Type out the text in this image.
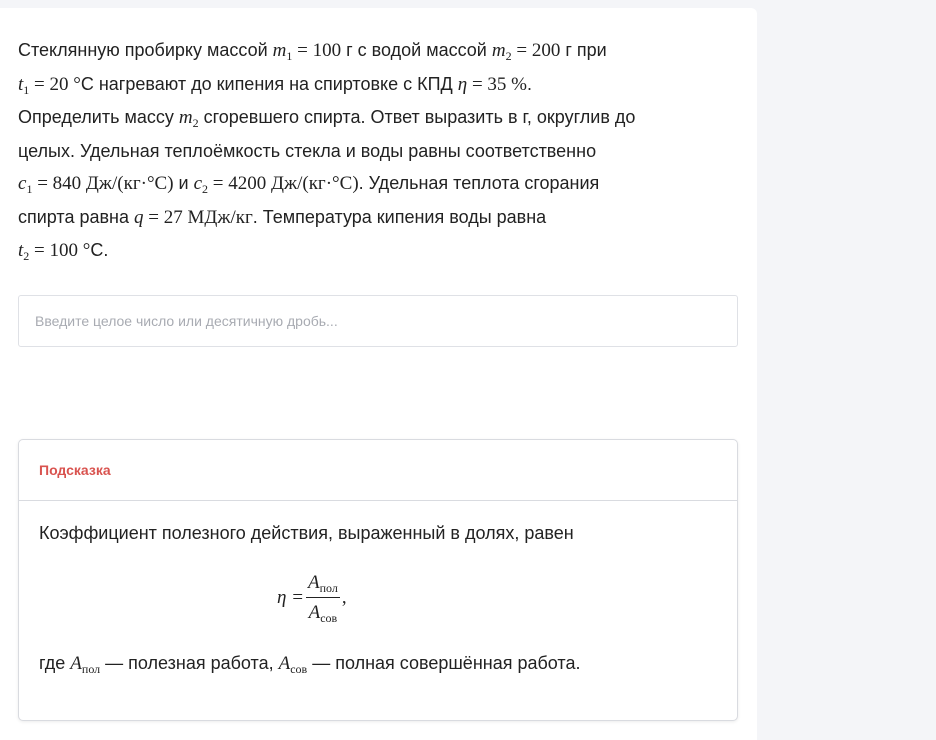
Стеклянную пробирку массой $m_1 = 100$ г с водой массой $m_2 = 200$ г при
$t_1 = 20$ °C нагревают до кипения на спиртовке с КПД η = 35 %.
Определить массу $m_2$ сгоревшего спирта. Ответ выразить в г, округлив до
целых. Удельная теплоёмкость стекла и воды равны соответственно
$c_1 = 840$ Дж/(кг·°С) и $c_2 = 4200$ Дж/(кг·°С). Удельная теплота сгорания
спирта равна q = 27 МДж/кг. Температура кипения воды равна
$t_2 = 100$ °C.
Введите целое число или десятичную дробь...
Подсказка
Коэффициент полезного действия, выраженный в долях, равен
$\eta = \frac{A_{пол}}{A_{сов}}$ ,
где $A_{пол}$ — полезная работа, $A_{сов}$ — полная совершённая работа.
